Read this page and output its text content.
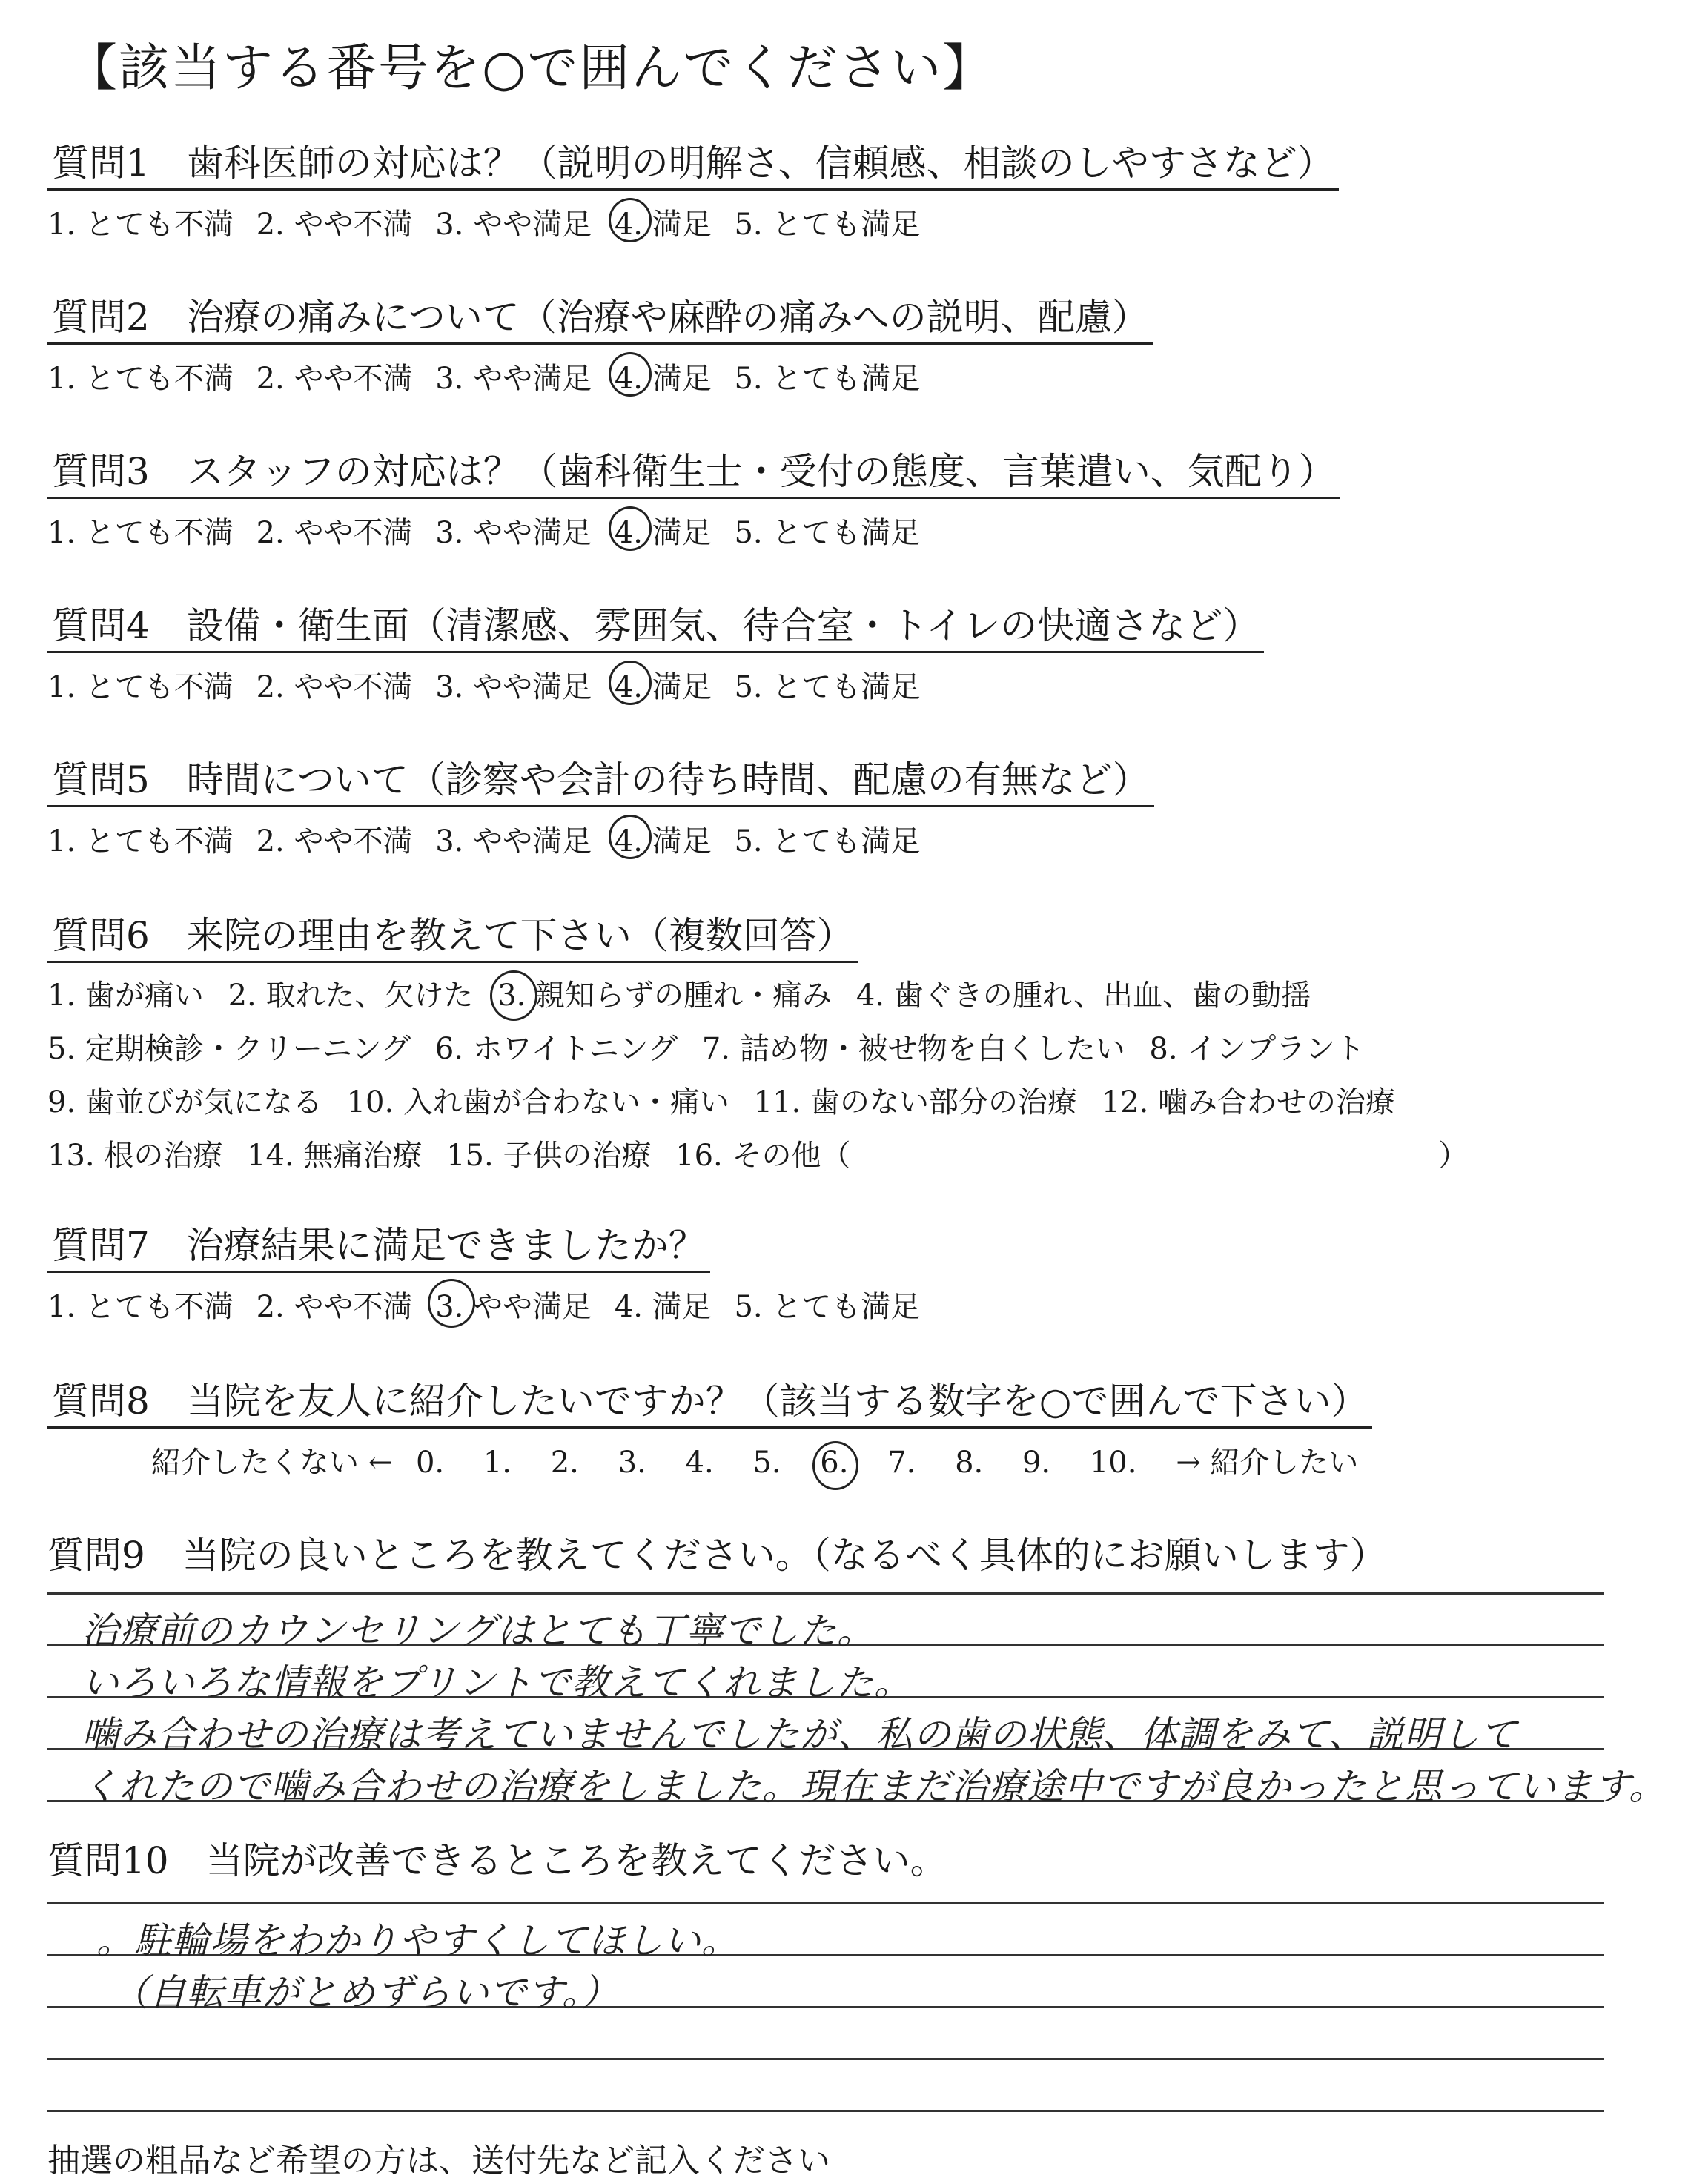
【該当する番号を○で囲んでください】
質問1　歯科医師の対応は？（説明の明解さ、信頼感、相談のしやすさなど）
1. とても不満 2. やや不満 3. やや満足 4. 満足 5. とても満足
質問2　治療の痛みについて（治療や麻酔の痛みへの説明、配慮）
1. とても不満 2. やや不満 3. やや満足 4. 満足 5. とても満足
質問3　スタッフの対応は？（歯科衛生士・受付の態度、言葉遣い、気配り）
1. とても不満 2. やや不満 3. やや満足 4. 満足 5. とても満足
質問4　設備・衛生面（清潔感、雰囲気、待合室・トイレの快適さなど）
1. とても不満 2. やや不満 3. やや満足 4. 満足 5. とても満足
質問5　時間について（診察や会計の待ち時間、配慮の有無など）
1. とても不満 2. やや不満 3. やや満足 4. 満足 5. とても満足
質問6　来院の理由を教えて下さい（複数回答）
1. 歯が痛い 2. 取れた、欠けた 3. 親知らずの腫れ・痛み 4. 歯ぐきの腫れ、出血、歯の動揺
5. 定期検診・クリーニング 6. ホワイトニング 7. 詰め物・被せ物を白くしたい 8. インプラント
9. 歯並びが気になる 10. 入れ歯が合わない・痛い 11. 歯のない部分の治療 12. 噛み合わせの治療
13. 根の治療 14. 無痛治療 15. 子供の治療 16. その他（	）
質問7　治療結果に満足できましたか？
1. とても不満 2. やや不満 3. やや満足 4. 満足 5. とても満足
質問8　当院を友人に紹介したいですか？（該当する数字を○で囲んで下さい）
紹介したくない ← 0. 1. 2. 3. 4. 5. 6. 7. 8. 9. 10. → 紹介したい
質問9　当院の良いところを教えてください。（なるべく具体的にお願いします）
治療前のカウンセリングはとても丁寧でした。
いろいろな情報をプリントで教えてくれました。
噛み合わせの治療は考えていませんでしたが、私の歯の状態、体調をみて、説明して
くれたので噛み合わせの治療をしました。現在まだ治療途中ですが良かったと思っています。
質問10　当院が改善できるところを教えてください。
。駐輪場をわかりやすくしてほしい。
（自転車がとめずらいです。）
抽選の粗品など希望の方は、送付先など記入ください
